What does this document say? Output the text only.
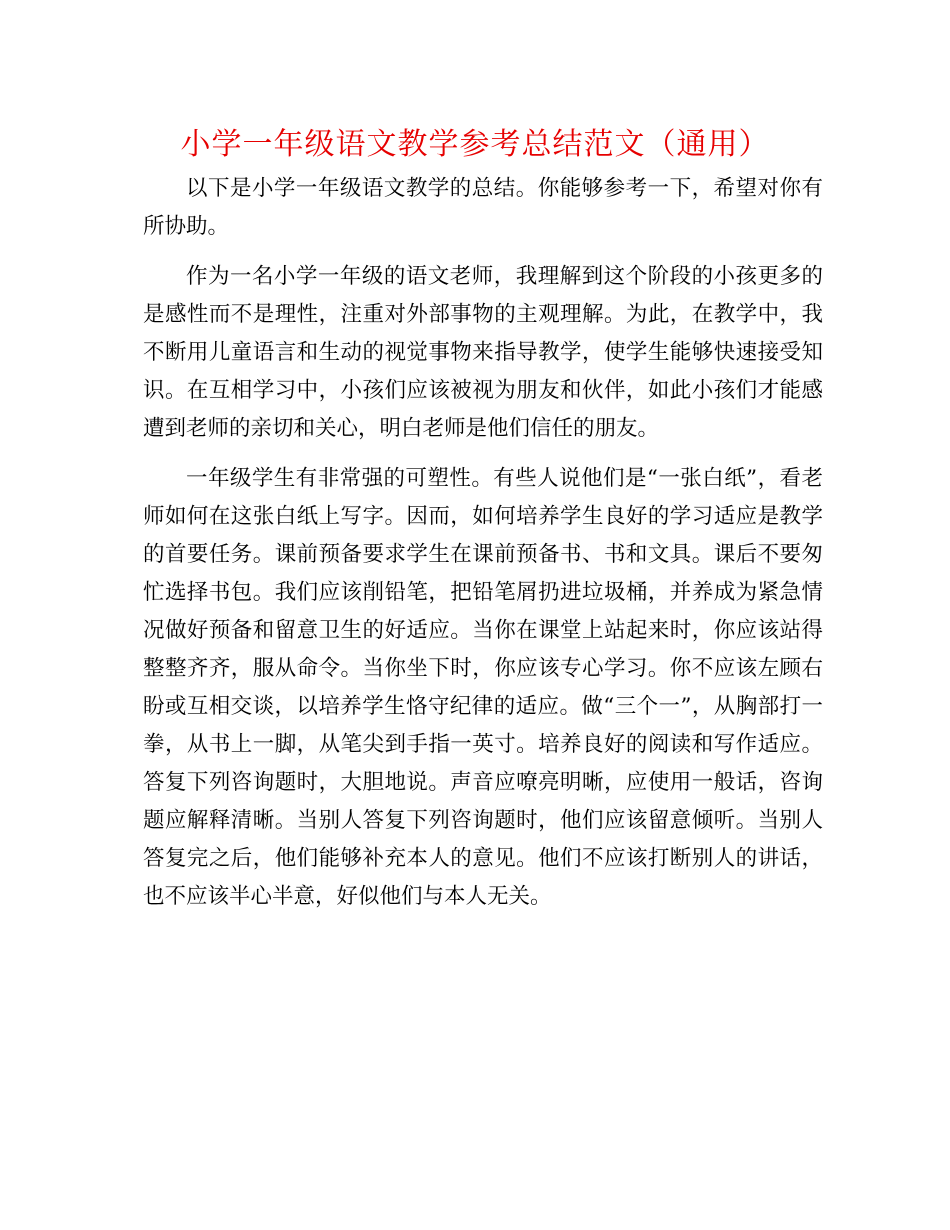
小学一年级语文教学参考总结范文（通用）

以下是小学一年级语文教学的总结。你能够参考一下，希望对你有所协助。

作为一名小学一年级的语文老师，我理解到这个阶段的小孩更多的是感性而不是理性，注重对外部事物的主观理解。为此，在教学中，我不断用儿童语言和生动的视觉事物来指导教学，使学生能够快速接受知识。在互相学习中，小孩们应该被视为朋友和伙伴，如此小孩们才能感遭到老师的亲切和关心，明白老师是他们信任的朋友。

一年级学生有非常强的可塑性。有些人说他们是“一张白纸”，看老师如何在这张白纸上写字。因而，如何培养学生良好的学习适应是教学的首要任务。课前预备要求学生在课前预备书、书和文具。课后不要匆忙选择书包。我们应该削铅笔，把铅笔屑扔进垃圾桶，并养成为紧急情况做好预备和留意卫生的好适应。当你在课堂上站起来时，你应该站得整整齐齐，服从命令。当你坐下时，你应该专心学习。你不应该左顾右盼或互相交谈，以培养学生恪守纪律的适应。做“三个一”，从胸部打一拳，从书上一脚，从笔尖到手指一英寸。培养良好的阅读和写作适应。答复下列咨询题时，大胆地说。声音应嘹亮明晰，应使用一般话，咨询题应解释清晰。当别人答复下列咨询题时，他们应该留意倾听。当别人答复完之后，他们能够补充本人的意见。他们不应该打断别人的讲话，也不应该半心半意，好似他们与本人无关。
